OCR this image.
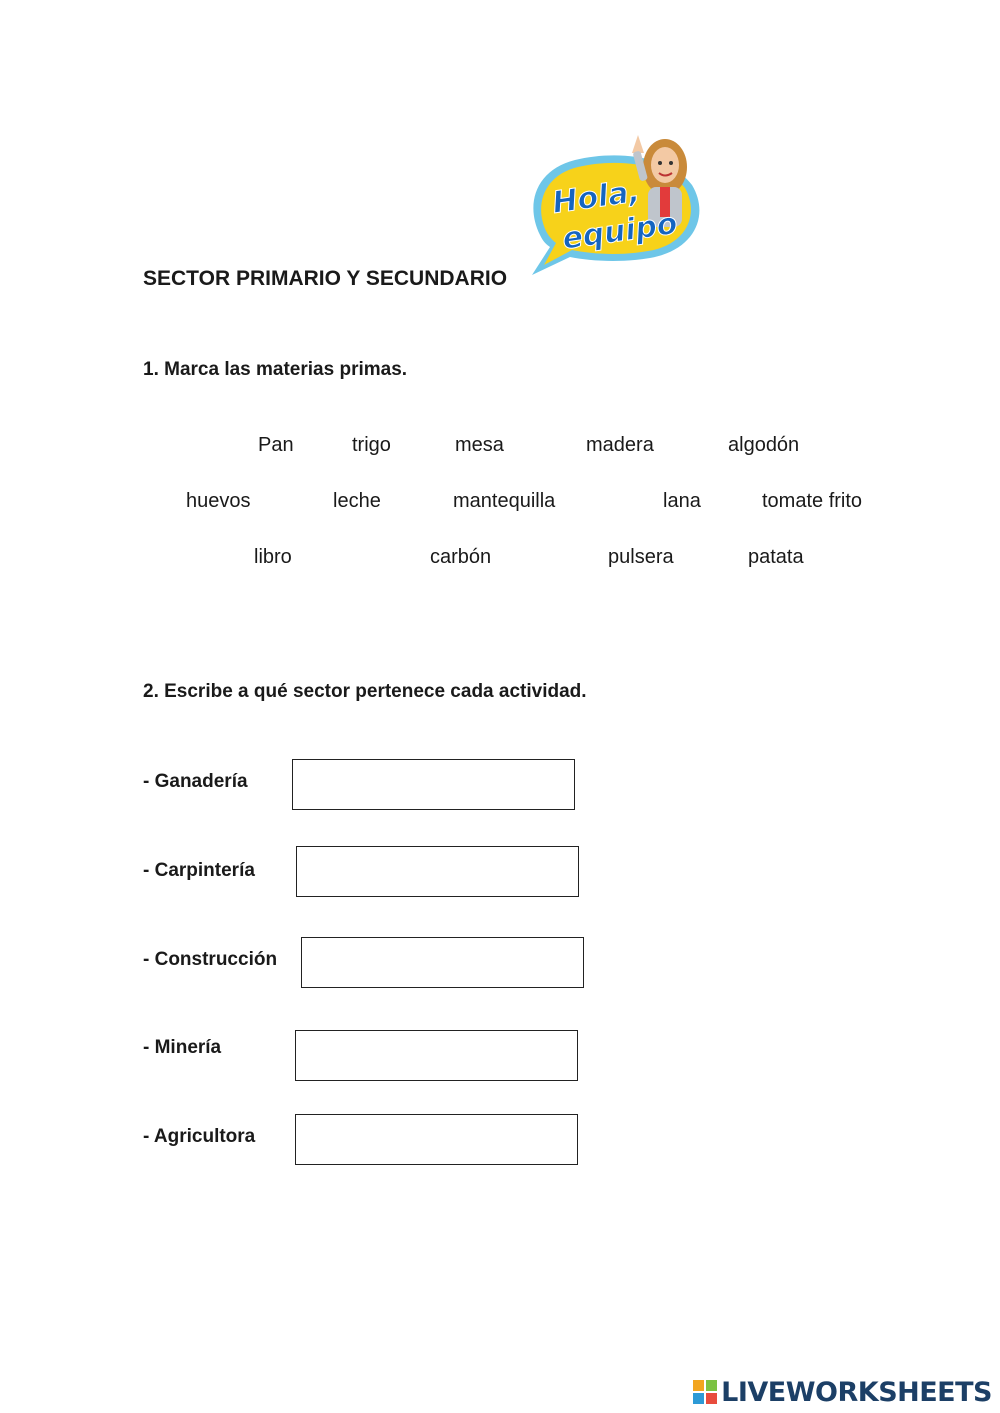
SECTOR PRIMARIO Y SECUNDARIO
Hola,
equipo
1. Marca las materias primas.
Pan	trigo	mesa	madera	algodón
huevos	leche	mantequilla	lana	tomate frito
libro	carbón	pulsera	patata
2. Escribe a qué sector pertenece cada actividad.
- Ganadería
- Carpintería
- Construcción
- Minería
- Agricultora
LIVEWORKSHEETS
